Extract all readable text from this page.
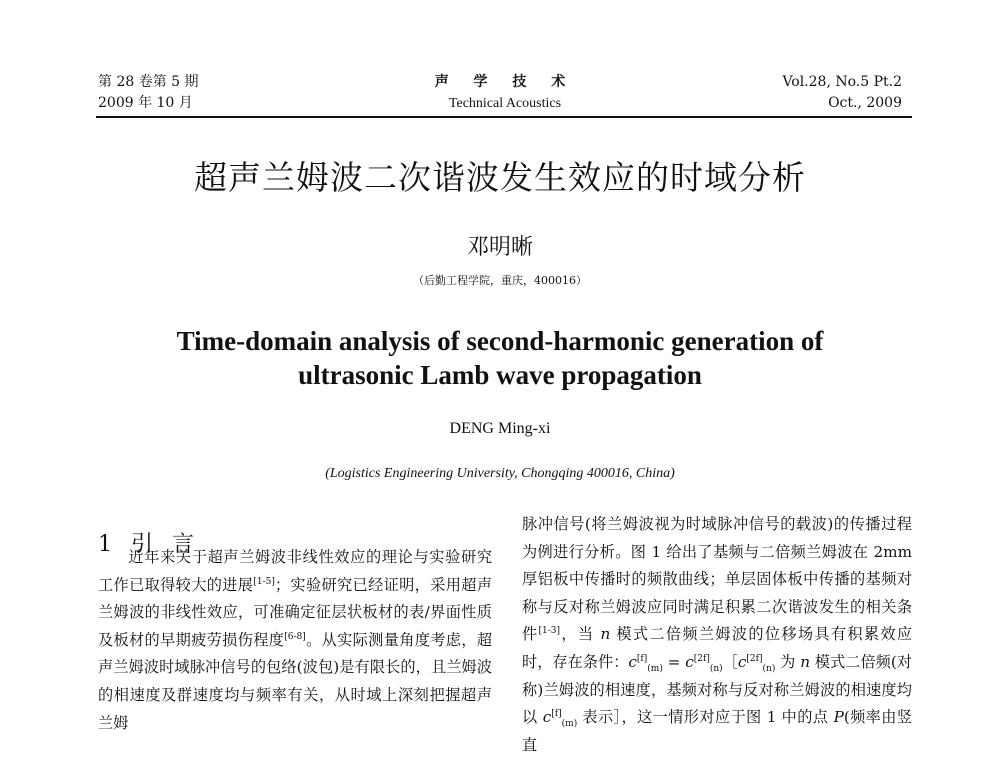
第 28 卷第 5 期
2009 年 10 月
声 学 技 术
Technical Acoustics
Vol.28, No.5 Pt.2
Oct., 2009
超声兰姆波二次谐波发生效应的时域分析
邓明晰
（后勤工程学院，重庆，400016）
Time-domain analysis of second-harmonic generation of
ultrasonic Lamb wave propagation
DENG Ming-xi
(Logistics Engineering University, Chongqing 400016, China)
1 引 言

近年来关于超声兰姆波非线性效应的理论与实验研究工作已取得较大的进展[1-5]；实验研究已经证明，采用超声兰姆波的非线性效应，可准确定征层状板材的表/界面性质及板材的早期疲劳损伤程度[6-8]。从实际测量角度考虑，超声兰姆波时域脉冲信号的包络(波包)是有限长的，且兰姆波的相速度及群速度均与频率有关，从时域上深刻把握超声兰姆

脉冲信号(将兰姆波视为时域脉冲信号的载波)的传播过程为例进行分析。图 1 给出了基频与二倍频兰姆波在 2mm 厚铝板中传播时的频散曲线；单层固体板中传播的基频对称与反对称兰姆波应同时满足积累二次谐波发生的相关条件[1-3]，当 n 模式二倍频兰姆波的位移场具有积累效应时，存在条件：$c[f]_{(m)}$ = $c[2f]_{(n)}[c[2f]_{(n)}$ 为 n 模式二倍频(对称)兰姆波的相速度，基频对称与反对称兰姆波的相速度均以 $c[f]_{(m)}$ 表示］，这一情形对应于图 1 中的点 P(频率由竖直
